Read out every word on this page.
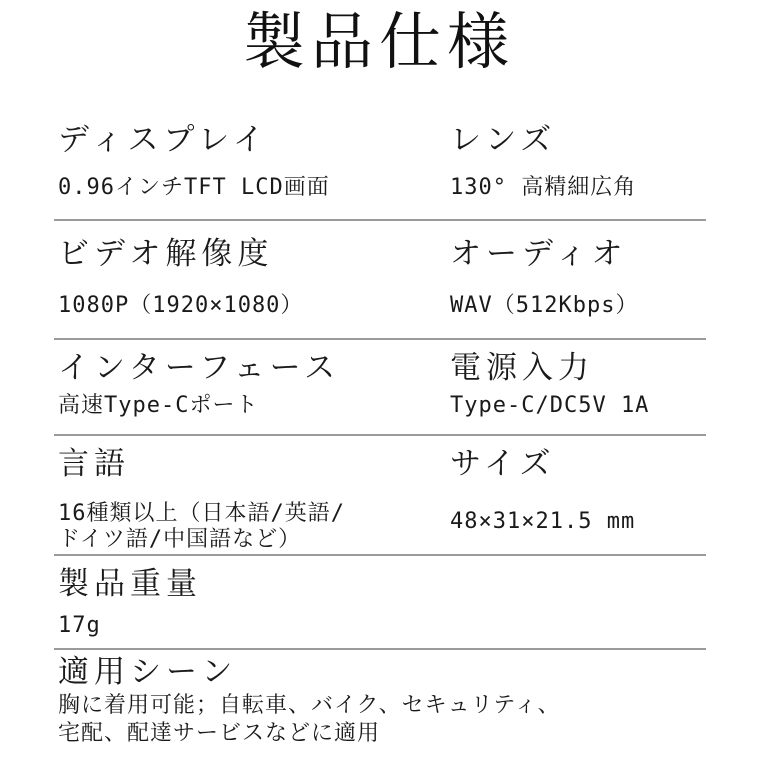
製品仕様
ディスプレイ
0.96インチTFT LCD画面
レンズ
130° 高精細広角
ビデオ解像度
1080P（1920×1080）
オーディオ
WAV（512Kbps）
インターフェース
高速Type-Cポート
電源入力
Type-C/DC5V 1A
言語
16種類以上（日本語/英語/
ドイツ語/中国語など）
サイズ
48×31×21.5 mm
製品重量
17g
適用シーン
胸に着用可能；自転車、バイク、セキュリティ、
宅配、配達サービスなどに適用
